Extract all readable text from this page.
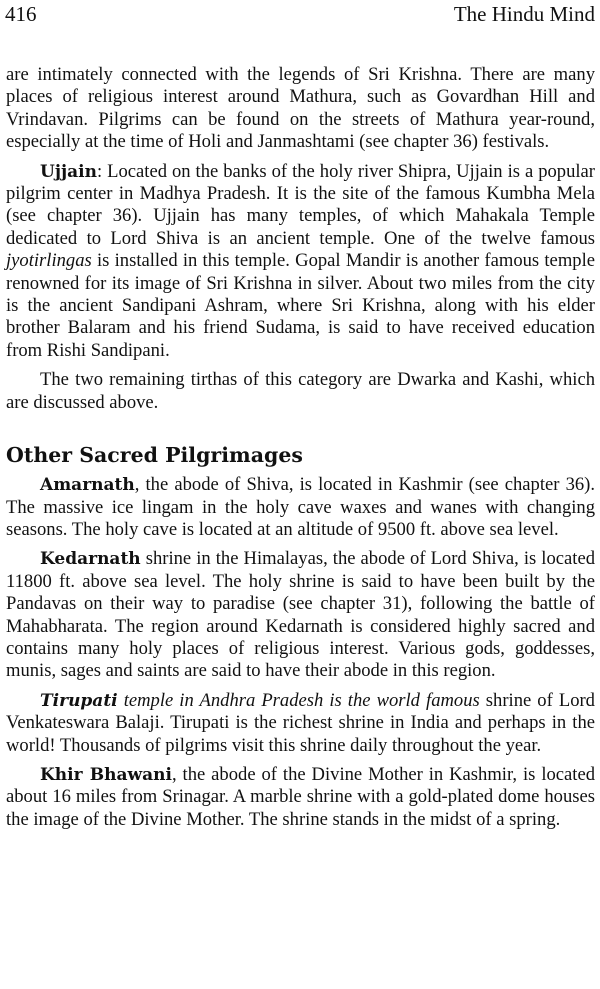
416	The Hindu Mind

are intimately connected with the legends of Sri Krishna. There are many places of religious interest around Mathura, such as Govardhan Hill and Vrindavan. Pilgrims can be found on the streets of Mathura year-round, especially at the time of Holi and Janmashtami (see chapter 36) festivals.

Ujjain: Located on the banks of the holy river Shipra, Ujjain is a popular pilgrim center in Madhya Pradesh. It is the site of the famous Kumbha Mela (see chapter 36). Ujjain has many temples, of which Mahakala Temple dedicated to Lord Shiva is an ancient temple. One of the twelve famous jyotirlingas is installed in this temple. Gopal Mandir is another famous temple renowned for its image of Sri Krishna in silver. About two miles from the city is the ancient Sandipani Ashram, where Sri Krishna, along with his elder brother Balaram and his friend Sudama, is said to have received education from Rishi Sandipani.

The two remaining tirthas of this category are Dwarka and Kashi, which are discussed above.

Other Sacred Pilgrimages

Amarnath, the abode of Shiva, is located in Kashmir (see chapter 36). The massive ice lingam in the holy cave waxes and wanes with changing seasons. The holy cave is located at an altitude of 9500 ft. above sea level.

Kedarnath shrine in the Himalayas, the abode of Lord Shiva, is located 11800 ft. above sea level. The holy shrine is said to have been built by the Pandavas on their way to paradise (see chapter 31), following the battle of Mahabharata. The region around Kedarnath is considered highly sacred and contains many holy places of religious interest. Various gods, goddesses, munis, sages and saints are said to have their abode in this region.

Tirupati temple in Andhra Pradesh is the world famous shrine of Lord Venkateswara Balaji. Tirupati is the richest shrine in India and perhaps in the world! Thousands of pilgrims visit this shrine daily throughout the year.

Khir Bhawani, the abode of the Divine Mother in Kashmir, is located about 16 miles from Srinagar. A marble shrine with a gold-plated dome houses the image of the Divine Mother. The shrine stands in the midst of a spring.
